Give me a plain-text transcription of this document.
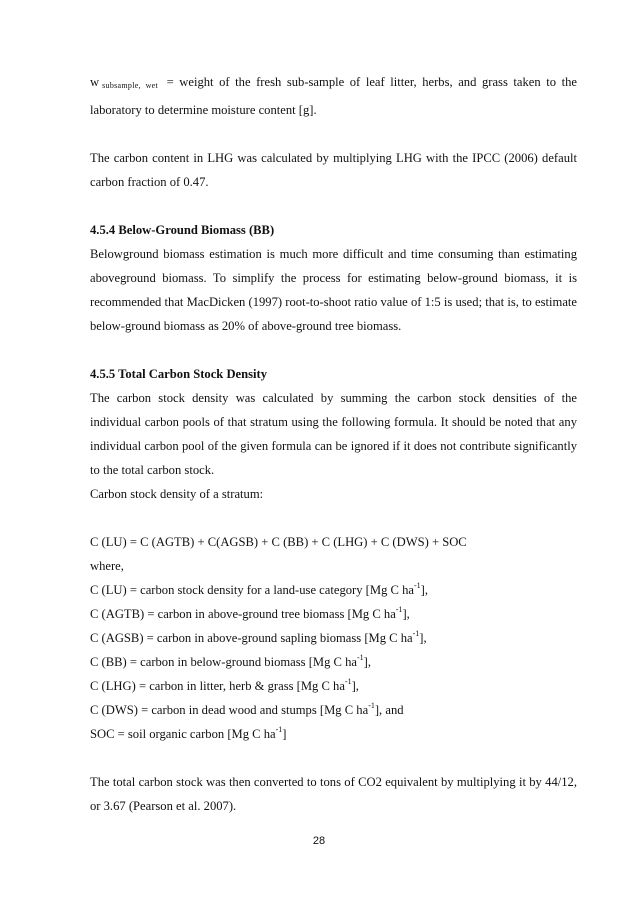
w $_{subsample, wet}$ = weight of the fresh sub-sample of leaf litter, herbs, and grass taken to the laboratory to determine moisture content [g].

The carbon content in LHG was calculated by multiplying LHG with the IPCC (2006) default carbon fraction of 0.47.

4.5.4 Below-Ground Biomass (BB)

Belowground biomass estimation is much more difficult and time consuming than estimating aboveground biomass. To simplify the process for estimating below-ground biomass, it is recommended that MacDicken (1997) root-to-shoot ratio value of 1:5 is used; that is, to estimate below-ground biomass as 20% of above-ground tree biomass.

4.5.5 Total Carbon Stock Density

The carbon stock density was calculated by summing the carbon stock densities of the individual carbon pools of that stratum using the following formula. It should be noted that any individual carbon pool of the given formula can be ignored if it does not contribute significantly to the total carbon stock.

Carbon stock density of a stratum:

C (LU) = C (AGTB) + C(AGSB) + C (BB) + C (LHG) + C (DWS) + SOC

where,

C (LU) = carbon stock density for a land-use category [Mg C $ha^{-1}$],

C (AGTB) = carbon in above-ground tree biomass [Mg C $ha^{-1}$],

C (AGSB) = carbon in above-ground sapling biomass [Mg C $ha^{-1}$],

C (BB) = carbon in below-ground biomass [Mg C $ha^{-1}$],

C (LHG) = carbon in litter, herb & grass [Mg C $ha^{-1}$],

C (DWS) = carbon in dead wood and stumps [Mg C $ha^{-1}$], and

SOC = soil organic carbon [Mg C $ha^{-1}$]

The total carbon stock was then converted to tons of CO2 equivalent by multiplying it by 44/12, or 3.67 (Pearson et al. 2007).

28
